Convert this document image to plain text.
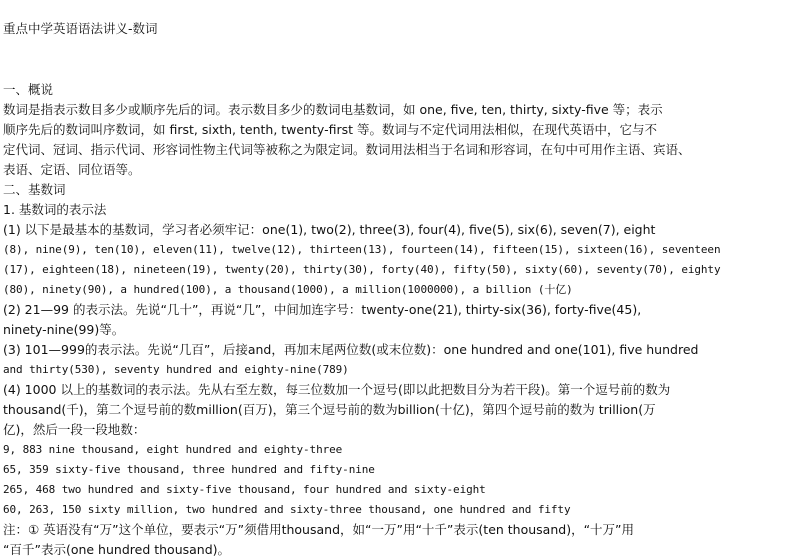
重点中学英语语法讲义-数词
一、概说
数词是指表示数目多少或顺序先后的词。表示数目多少的数词电基数词，如 one, five, ten, thirty, sixty-five 等；表示
顺序先后的数词叫序数词，如 first, sixth, tenth, twenty-first 等。数词与不定代词用法相似，在现代英语中，它与不
定代词、冠词、指示代词、形容词性物主代词等被称之为限定词。数词用法相当于名词和形容词，在句中可用作主语、宾语、
表语、定语、同位语等。
二、基数词
1. 基数词的表示法
(1) 以下是最基本的基数词，学习者必须牢记：one(1), two(2), three(3), four(4), five(5), six(6), seven(7), eight
(8), nine(9), ten(10), eleven(11), twelve(12), thirteen(13), fourteen(14), fifteen(15), sixteen(16), seventeen
(17), eighteen(18), nineteen(19), twenty(20), thirty(30), forty(40), fifty(50), sixty(60), seventy(70), eighty
(80), ninety(90), a hundred(100), a thousand(1000), a million(1000000), a billion (十亿)
(2) 21—99 的表示法。先说“几十”，再说“几”，中间加连字号：twenty-one(21), thirty-six(36), forty-five(45),
ninety-nine(99)等。
(3) 101—999的表示法。先说“几百”，后接and，再加末尾两位数(或末位数)：one hundred and one(101), five hundred
and thirty(530), seventy hundred and eighty-nine(789)
(4) 1000 以上的基数词的表示法。先从右至左数，每三位数加一个逗号(即以此把数目分为若干段)。第一个逗号前的数为
thousand(千)，第二个逗号前的数million(百万)，第三个逗号前的数为billion(十亿)，第四个逗号前的数为 trillion(万
亿)，然后一段一段地数：
9, 883 nine thousand, eight hundred and eighty-three
65, 359 sixty-five thousand, three hundred and fifty-nine
265, 468 two hundred and sixty-five thousand, four hundred and sixty-eight
60, 263, 150 sixty million, two hundred and sixty-three thousand, one hundred and fifty
注：① 英语没有“万”这个单位，要表示“万”须借用thousand，如“一万”用“十千”表示(ten thousand)，“十万”用
“百千”表示(one hundred thousand)。
